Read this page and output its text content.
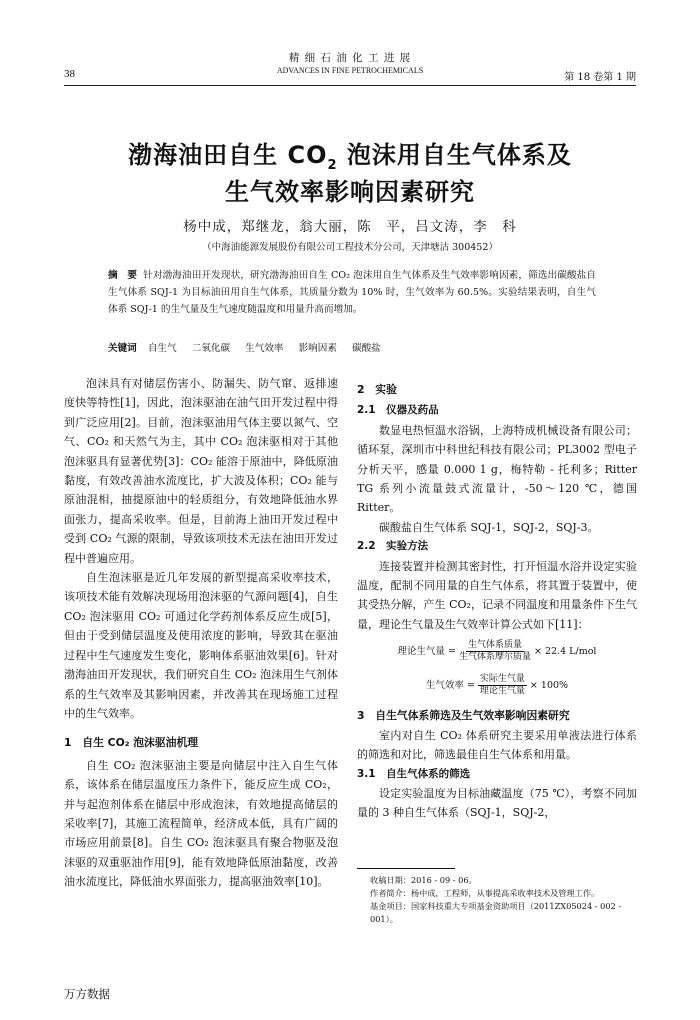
精 细 石 油 化 工 进 展
ADVANCES IN FINE PETROCHEMICALS
38	第 18 卷第 1 期
渤海油田自生 $CO_2$ 泡沫用自生气体系及
生气效率影响因素研究
杨中成，郑继龙，翁大丽，陈　平，吕文涛，李　科
（中海油能源发展股份有限公司工程技术分公司，天津塘沽 300452）
摘　要 针对渤海油田开发现状，研究渤海油田自生 CO₂ 泡沫用自生气体系及生气效率影响因素，筛选出碳酸盐自生气体系 SQJ-1 为目标油田用自生气体系，其质量分数为 10% 时，生气效率为 60.5%。实验结果表明，自生气体系 SQJ-1 的生气量及生气速度随温度和用量升高而增加。
关键词 自生气 二氧化碳 生气效率 影响因素 碳酸盐

泡沫具有对储层伤害小、防漏失、防气窜、返排速度快等特性[1]，因此，泡沫驱油在油气田开发过程中得到广泛应用[2]。目前，泡沫驱油用气体主要以氮气、空气、CO₂ 和天然气为主，其中 CO₂ 泡沫驱相对于其他泡沫驱具有显著优势[3]：CO₂ 能溶于原油中，降低原油黏度，有效改善油水流度比，扩大波及体积；CO₂ 能与原油混相，抽提原油中的轻质组分，有效地降低油水界面张力，提高采收率。但是，目前海上油田开发过程中受到 CO₂ 气源的限制，导致该项技术无法在油田开发过程中普遍应用。

自生泡沫驱是近几年发展的新型提高采收率技术，该项技术能有效解决现场用泡沫驱的气源问题[4]，自生 CO₂ 泡沫驱用 CO₂ 可通过化学药剂体系反应生成[5]，但由于受到储层温度及使用浓度的影响，导致其在驱油过程中生气速度发生变化，影响体系驱油效果[6]。针对渤海油田开发现状，我们研究自生 CO₂ 泡沫用生气剂体系的生气效率及其影响因素，并改善其在现场施工过程中的生气效率。

1　自生 CO₂ 泡沫驱油机理

自生 CO₂ 泡沫驱油主要是向储层中注入自生气体系，该体系在储层温度压力条件下，能反应生成 CO₂，并与起泡剂体系在储层中形成泡沫，有效地提高储层的采收率[7]，其施工流程简单，经济成本低，具有广阔的市场应用前景[8]。自生 CO₂ 泡沫驱具有聚合物驱及泡沫驱的双重驱油作用[9]，能有效地降低原油黏度，改善油水流度比，降低油水界面张力，提高驱油效率[10]。

2　实验

2.1　仪器及药品

数显电热恒温水浴锅，上海特成机械设备有限公司；循环泵，深圳市中科世纪科技有限公司；PL3002 型电子分析天平，感量 0.000 1 g，梅特勒 - 托利多；Ritter TG 系列小流量鼓式流量计，-50～120 ℃，德国 Ritter。

碳酸盐自生气体系 SQJ-1，SQJ-2，SQJ-3。

2.2　实验方法

连接装置并检测其密封性，打开恒温水浴并设定实验温度，配制不同用量的自生气体系，将其置于装置中，使其受热分解，产生 CO₂，记录不同温度和用量条件下生气量，理论生气量及生气效率计算公式如下[11]：

理论生气量 = $\frac{\text{生气体系质量}}{\text{生气体系摩尔质量}} \times 22.4$ L/mol
生气效率 = $\frac{\text{实际生气量}}{\text{理论生气量}} \times 100\%$

3　自生气体系筛选及生气效率影响因素研究

室内对自生 CO₂ 体系研究主要采用单液法进行体系的筛选和对比，筛选最佳自生气体系和用量。

3.1　自生气体系的筛选

设定实验温度为目标油藏温度（75 ℃），考察不同加量的 3 种自生气体系（SQJ-1，SQJ-2，

收稿日期：2016 - 09 - 06。
作者简介：杨中成，工程师，从事提高采收率技术及管理工作。
基金项目：国家科技重大专项基金资助项目（2011ZX05024 - 002 - 001）。
万方数据
